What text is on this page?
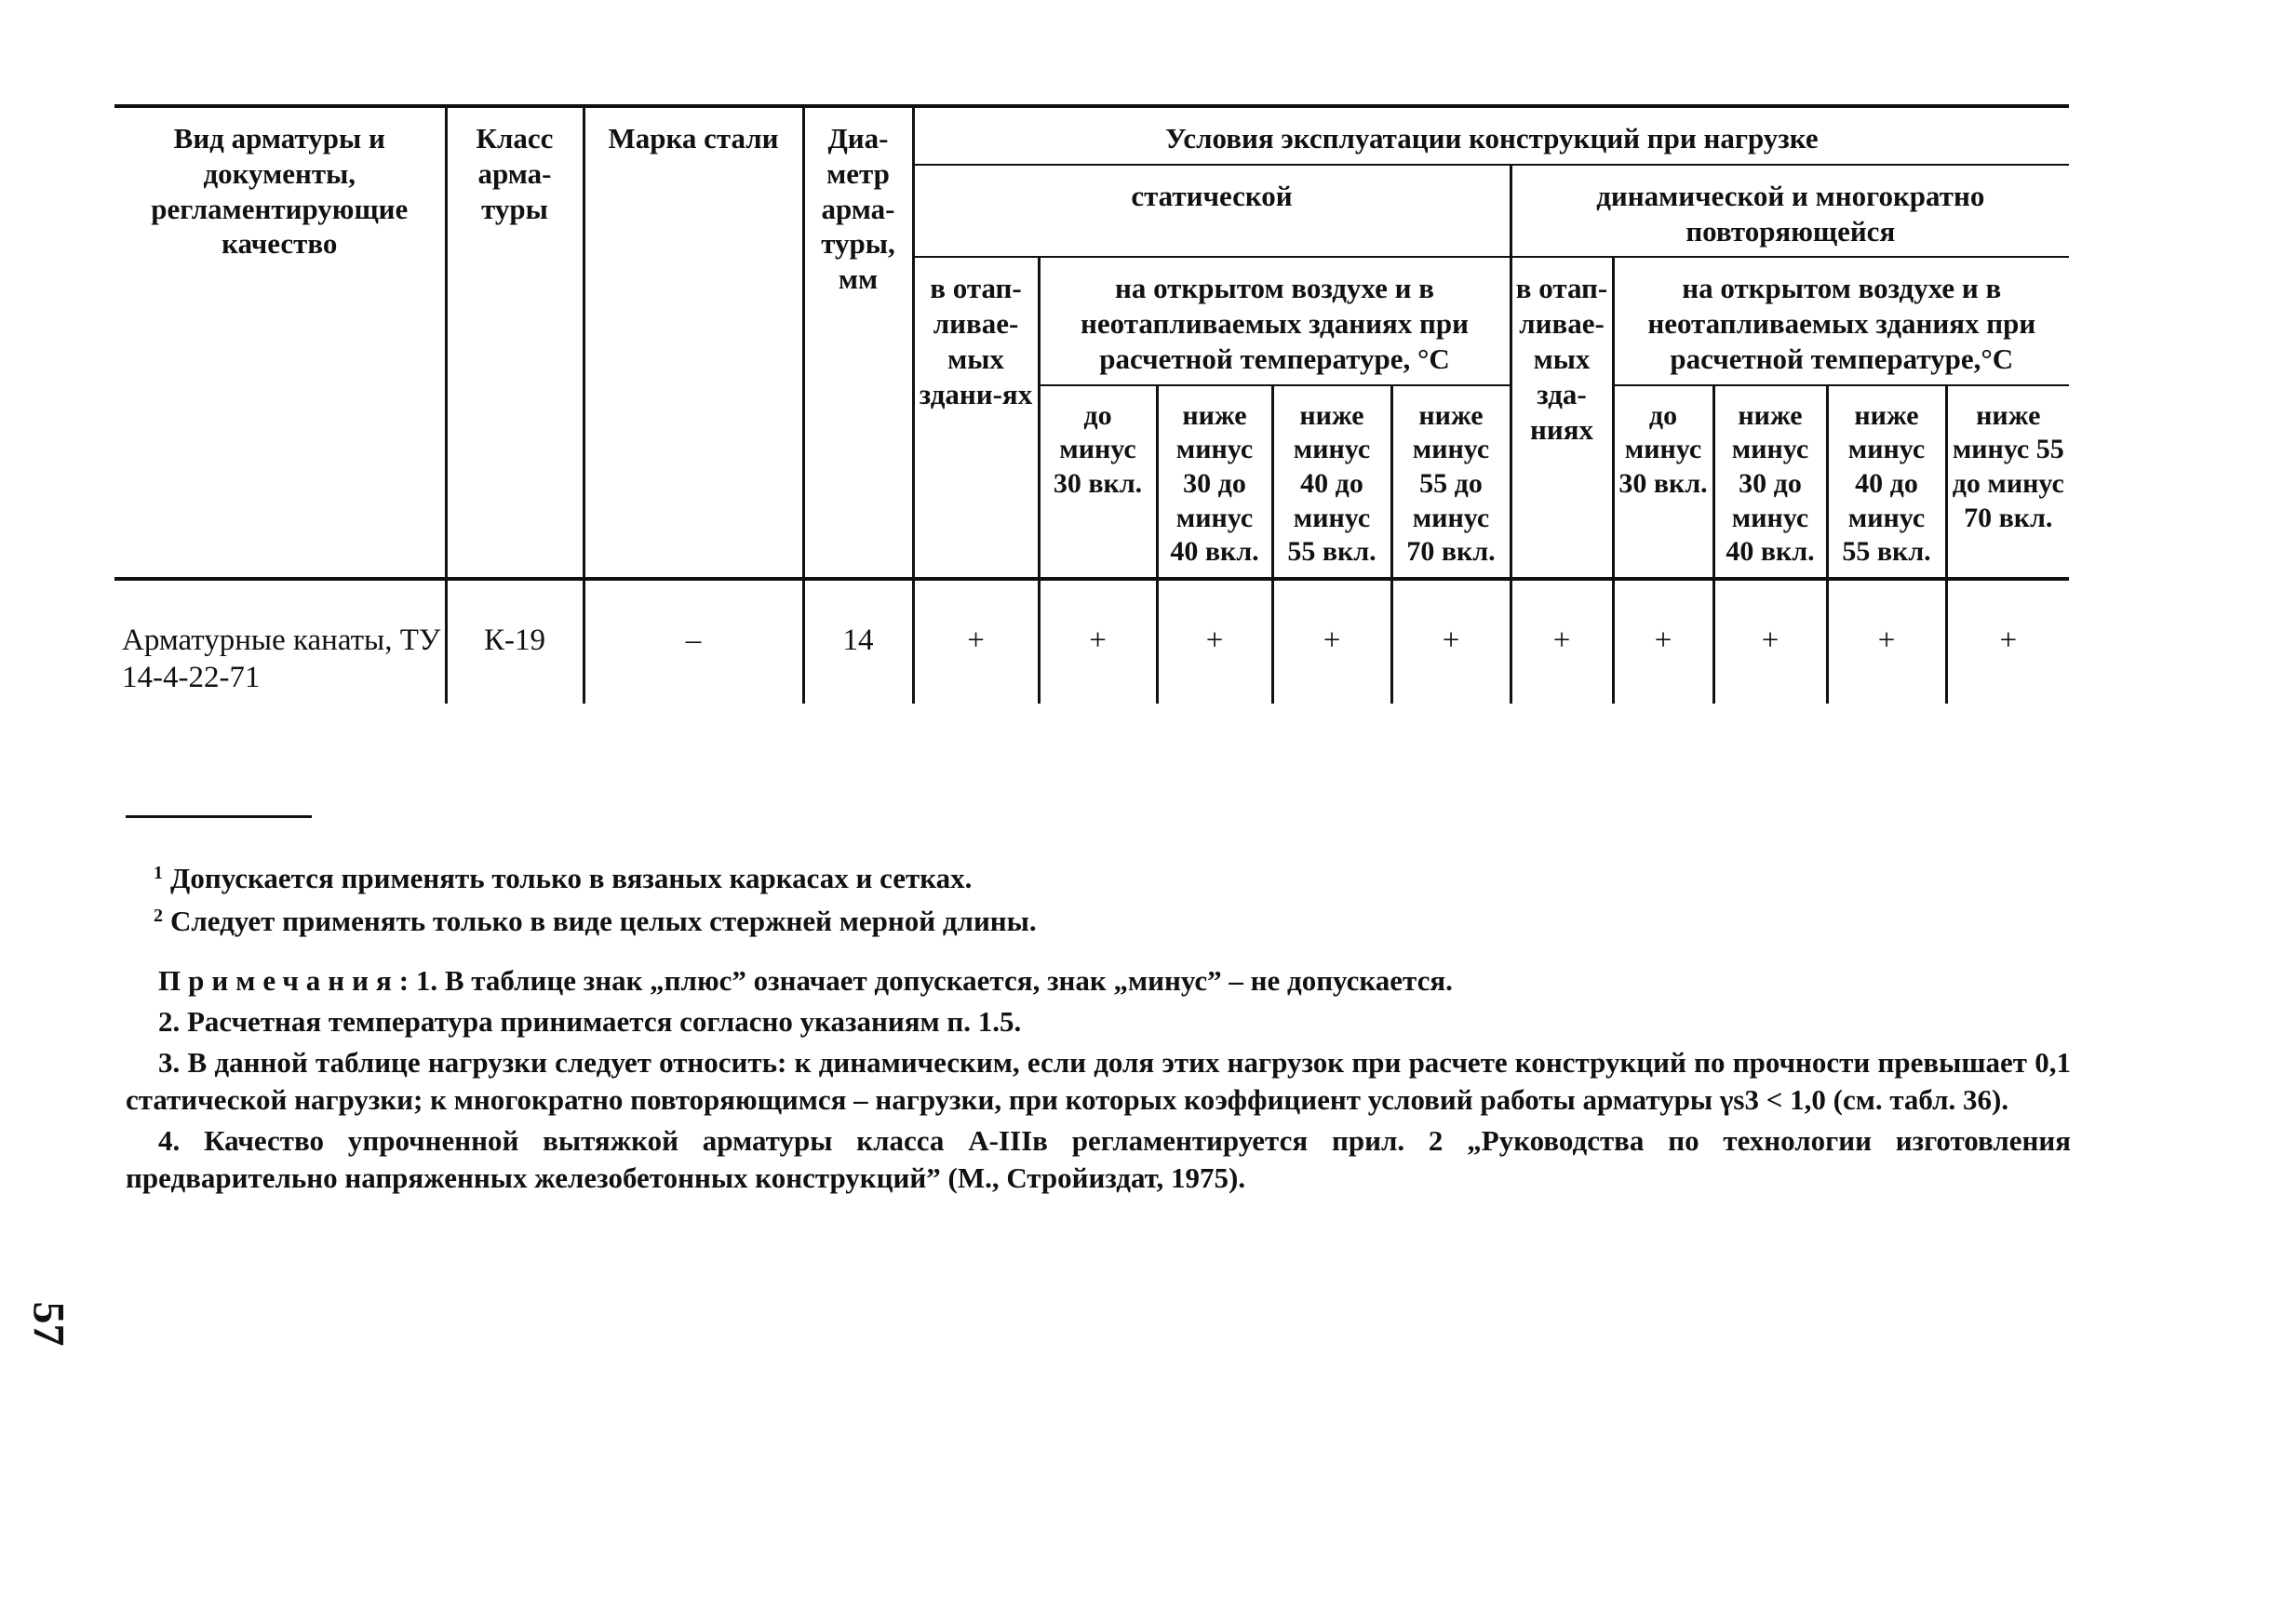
Вид арматуры и документы, регламентирующие качество	Класс арма-туры	Марка стали	Диа-метр арма-туры, мм	Условия эксплуатации конструкций при нагрузке									
				статической					динамической и многократно повторяющейся				
				в отап-ливае-мых здани-ях	на открытом воздухе и в неотапливаемых зданиях при расчетной температуре, °С				в отап-ливае-мых зда-ниях	на открытом воздухе и в неотапливаемых зданиях при расчетной температуре,°С			
					до минус 30 вкл.	ниже минус 30 до минус 40 вкл.	ниже минус 40 до минус 55 вкл.	ниже минус 55 до минус 70 вкл.		до минус 30 вкл.	ниже минус 30 до минус 40 вкл.	ниже минус 40 до минус 55 вкл.	ниже минус 55 до минус 70 вкл.
Арматурные канаты, ТУ 14-4-22-71	К-19	–	14	+	+	+	+	+	+	+	+	+	+
$^1$ Допускается применять только в вязаных каркасах и сетках.
$^2$ Следует применять только в виде целых стержней мерной длины.
Примечания: 1. В таблице знак „плюс” означает допускается, знак „минус” – не допускается.
2. Расчетная температура принимается согласно указаниям п. 1.5.
3. В данной таблице нагрузки следует относить: к динамическим, если доля этих нагрузок при расчете конструкций по прочности превышает 0,1 статической нагрузки; к многократно повторяющимся – нагрузки, при которых коэффициент условий работы арматуры γs3 < 1,0 (см. табл. 36).
4. Качество упрочненной вытяжкой арматуры класса А-IIIв регламентируется прил. 2 „Руководства по технологии изготовления предварительно напряженных железобетонных конструкций” (М., Стройиздат, 1975).
57
